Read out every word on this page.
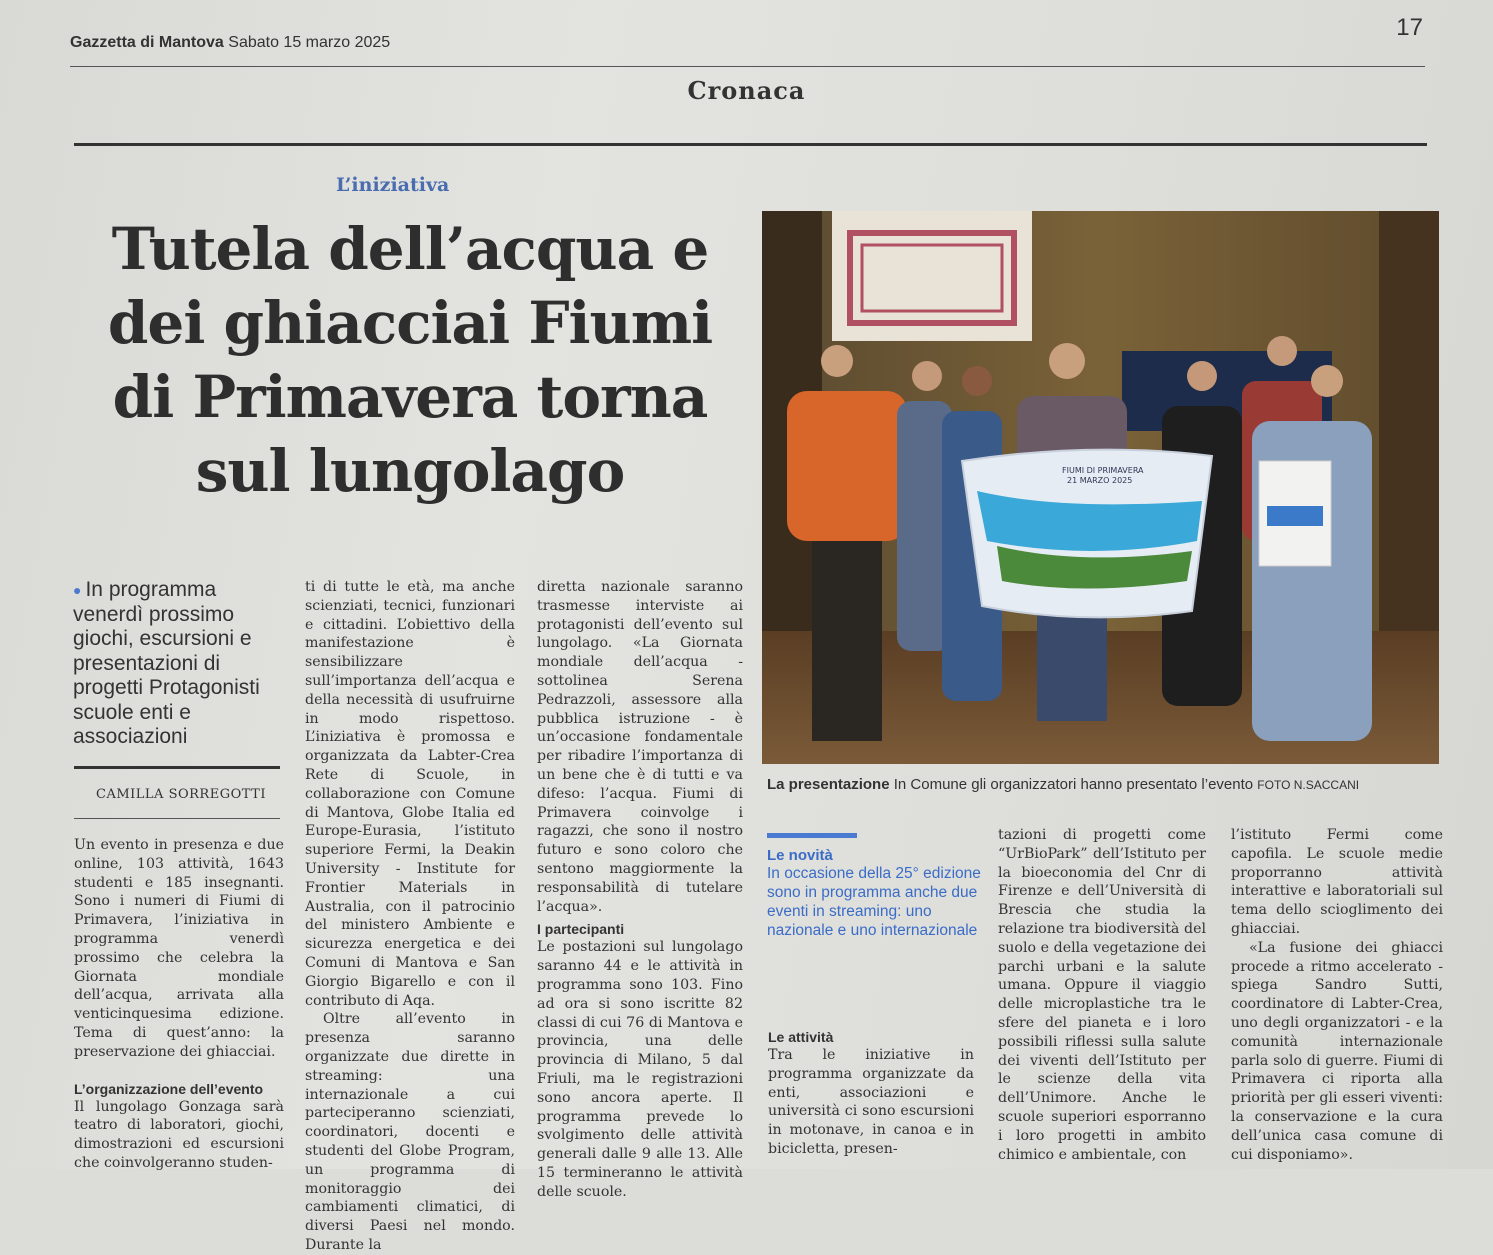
Gazzetta di Mantova Sabato 15 marzo 2025
17
Cronaca
L’iniziativa
Tutela dell’acqua e dei ghiacciai Fiumi di Primavera torna sul lungolago
● In programma venerdì prossimo giochi, escursioni e presentazioni di progetti Protagonisti scuole enti e associazioni
CAMILLA SORREGOTTI

Un evento in presenza e due online, 103 attività, 1643 studenti e 185 insegnanti. Sono i numeri di Fiumi di Primavera, l’iniziativa in programma venerdì prossimo che celebra la Giornata mondiale dell’acqua, arrivata alla venticinquesima edizione. Tema di quest’anno: la preservazione dei ghiacciai.

L’organizzazione dell’evento

Il lungolago Gonzaga sarà teatro di laboratori, giochi, dimostrazioni ed escursioni che coinvolgeranno studen-

ti di tutte le età, ma anche scienziati, tecnici, funzionari e cittadini. L’obiettivo della manifestazione è sensibilizzare sull’importanza dell’acqua e della necessità di usufruirne in modo rispettoso. L’iniziativa è promossa e organizzata da Labter-Crea Rete di Scuole, in collaborazione con Comune di Mantova, Globe Italia ed Europe-Eurasia, l’istituto superiore Fermi, la Deakin University - Institute for Frontier Materials in Australia, con il patrocinio del ministero Ambiente e sicurezza energetica e dei Comuni di Mantova e San Giorgio Bigarello e con il contributo di Aqa.

Oltre all’evento in presenza saranno organizzate due dirette in streaming: una internazionale a cui parteciperanno scienziati, coordinatori, docenti e studenti del Globe Program, un programma di monitoraggio dei cambiamenti climatici, di diversi Paesi nel mondo. Durante la

diretta nazionale saranno trasmesse interviste ai protagonisti dell’evento sul lungolago. «La Giornata mondiale dell’acqua - sottolinea Serena Pedrazzoli, assessore alla pubblica istruzione - è un’occasione fondamentale per ribadire l’importanza di un bene che è di tutti e va difeso: l’acqua. Fiumi di Primavera coinvolge i ragazzi, che sono il nostro futuro e sono coloro che sentono maggiormente la responsabilità di tutelare l’acqua».

I partecipanti

Le postazioni sul lungolago saranno 44 e le attività in programma sono 103. Fino ad ora si sono iscritte 82 classi di cui 76 di Mantova e provincia, una delle provincia di Milano, 5 dal Friuli, ma le registrazioni sono ancora aperte. Il programma prevede lo svolgimento delle attività generali dalle 9 alle 13. Alle 15 termineranno le attività delle scuole.

FIUMI DI PRIMAVERA
21 MARZO 2025
La presentazione In Comune gli organizzatori hanno presentato l’evento FOTO N.SACCANI
Le novità
In occasione della 25° edizione sono in programma anche due eventi in streaming: uno nazionale e uno internazionale

Le attività

Tra le iniziative in programma organizzate da enti, associazioni e università ci sono escursioni in motonave, in canoa e in bicicletta, presen-

tazioni di progetti come “UrBioPark” dell’Istituto per la bioeconomia del Cnr di Firenze e dell’Università di Brescia che studia la relazione tra biodiversità del suolo e della vegetazione dei parchi urbani e la salute umana. Oppure il viaggio delle microplastiche tra le sfere del pianeta e i loro possibili riflessi sulla salute dei viventi dell’Istituto per le scienze della vita dell’Unimore. Anche le scuole superiori esporranno i loro progetti in ambito chimico e ambientale, con

l’istituto Fermi come capofila. Le scuole medie proporranno attività interattive e laboratoriali sul tema dello scioglimento dei ghiacciai.

«La fusione dei ghiacci procede a ritmo accelerato - spiega Sandro Sutti, coordinatore di Labter-Crea, uno degli organizzatori - e la comunità internazionale parla solo di guerre. Fiumi di Primavera ci riporta alla priorità per gli esseri viventi: la conservazione e la cura dell’unica casa comune di cui disponiamo».
